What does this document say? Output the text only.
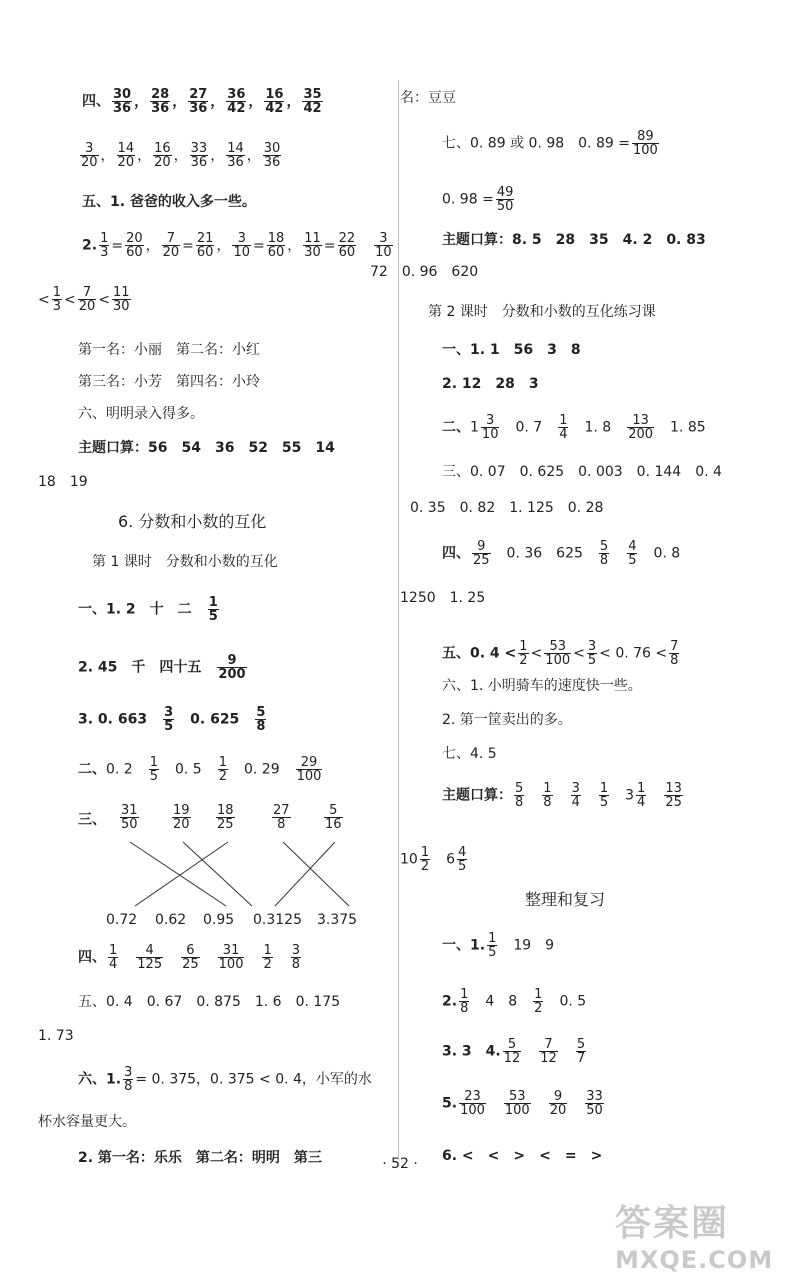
四、 $\frac{30}{36}$ ， $\frac{28}{36}$ ， $\frac{27}{36}$ ， $\frac{36}{42}$ ， $\frac{16}{42}$ ， $\frac{35}{42}$
$\frac{3}{20}$ ， $\frac{14}{20}$ ， $\frac{16}{20}$ ， $\frac{33}{36}$ ， $\frac{14}{36}$ ， $\frac{30}{36}$
五、1. 爸爸的收入多一些。
2. $\frac{1}{3} = \frac{20}{60}$ ， $\frac{7}{20} = \frac{21}{60}$ ， $\frac{3}{10} = \frac{18}{60}$ ， $\frac{11}{30} = \frac{22}{60} \frac{3}{10}$
< $\frac{1}{3} < \frac{7}{20} < \frac{11}{30}$
第一名：小丽　第二名：小红
第三名：小芳　第四名：小玲
六、明明录入得多。
主题口算：56　54　36　52　55　14
18　19
6. 分数和小数的互化
第 1 课时　分数和小数的互化
一、1. 2　十　二 $\frac{1}{5}$
2. 45　千　四十五 $\frac{9}{200}$
3. 0. $663 \frac{3}{5} 0$. $625 \frac{5}{8}$
二、0. $2 \frac{1}{5} 0$. $5 \frac{1}{2} 0$. $29 \frac{29}{100}$
三、 $\frac{31}{50}$	$\frac{19}{20} \frac{18}{25}$	$\frac{27}{8}$	$\frac{5}{16}$
0.72 0.62 0.95 0.3125 3.375
四、 $\frac{1}{4} \frac{4}{125} \frac{6}{25} \frac{31}{100} \frac{1}{2} \frac{3}{8}$
五、0. 4　0. 67　0. 875　1. 6　0. 175
1. 73
六、1. $\frac{3}{8} = 0$. 375，0. 375 < 0. 4，小军的水
杯水容量更大。
2. 第一名：乐乐　第二名：明明　第三
名：豆豆
七、0. 89 或 0. 98　0. $89 = \frac{89}{100}$
0. $98 = \frac{49}{50}$
主题口算：8. 5　28　35　4. 2　0. 83
72　0. 96　620
第 2 课时　分数和小数的互化练习课
一、1. 1　56　3　8
2. 12　28　3
二、$1 \frac{3}{10} 0$. $7 \frac{1}{4} 1$. $8 \frac{13}{200} 1$. 85
三、0. 07　0. 625　0. 003　0. 144　0. 4
0. 35　0. 82　1. 125　0. 28
四、 $\frac{9}{25} 0$. 36 $625 \frac{5}{8} \frac{4}{5} 0$. 8
1250　1. 25
五、0. $4 < \frac{1}{2} < \frac{53}{100} < \frac{3}{5} < 0$. $76 < \frac{7}{8}$
六、1. 小明骑车的速度快一些。
2. 第一筐卖出的多。
七、4. 5
主题口算： $\frac{5}{8} \frac{1}{8} \frac{3}{4} \frac{1}{5} 3 \frac{1}{4} \frac{13}{25}$
$10 \frac{1}{2} 6 \frac{4}{5}$
整理和复习
一、1. $\frac{1}{5} 19$　9
2. $\frac{1}{8} 4$　$8 \frac{1}{2} 0$. 5
3. 3　4. $\frac{5}{12} \frac{7}{12} \frac{5}{7}$
5. $\frac{23}{100} \frac{53}{100} \frac{9}{20} \frac{33}{50}$
6. <　<　>　<　=　>
· 52 ·
答案圈
MXQE.COM
